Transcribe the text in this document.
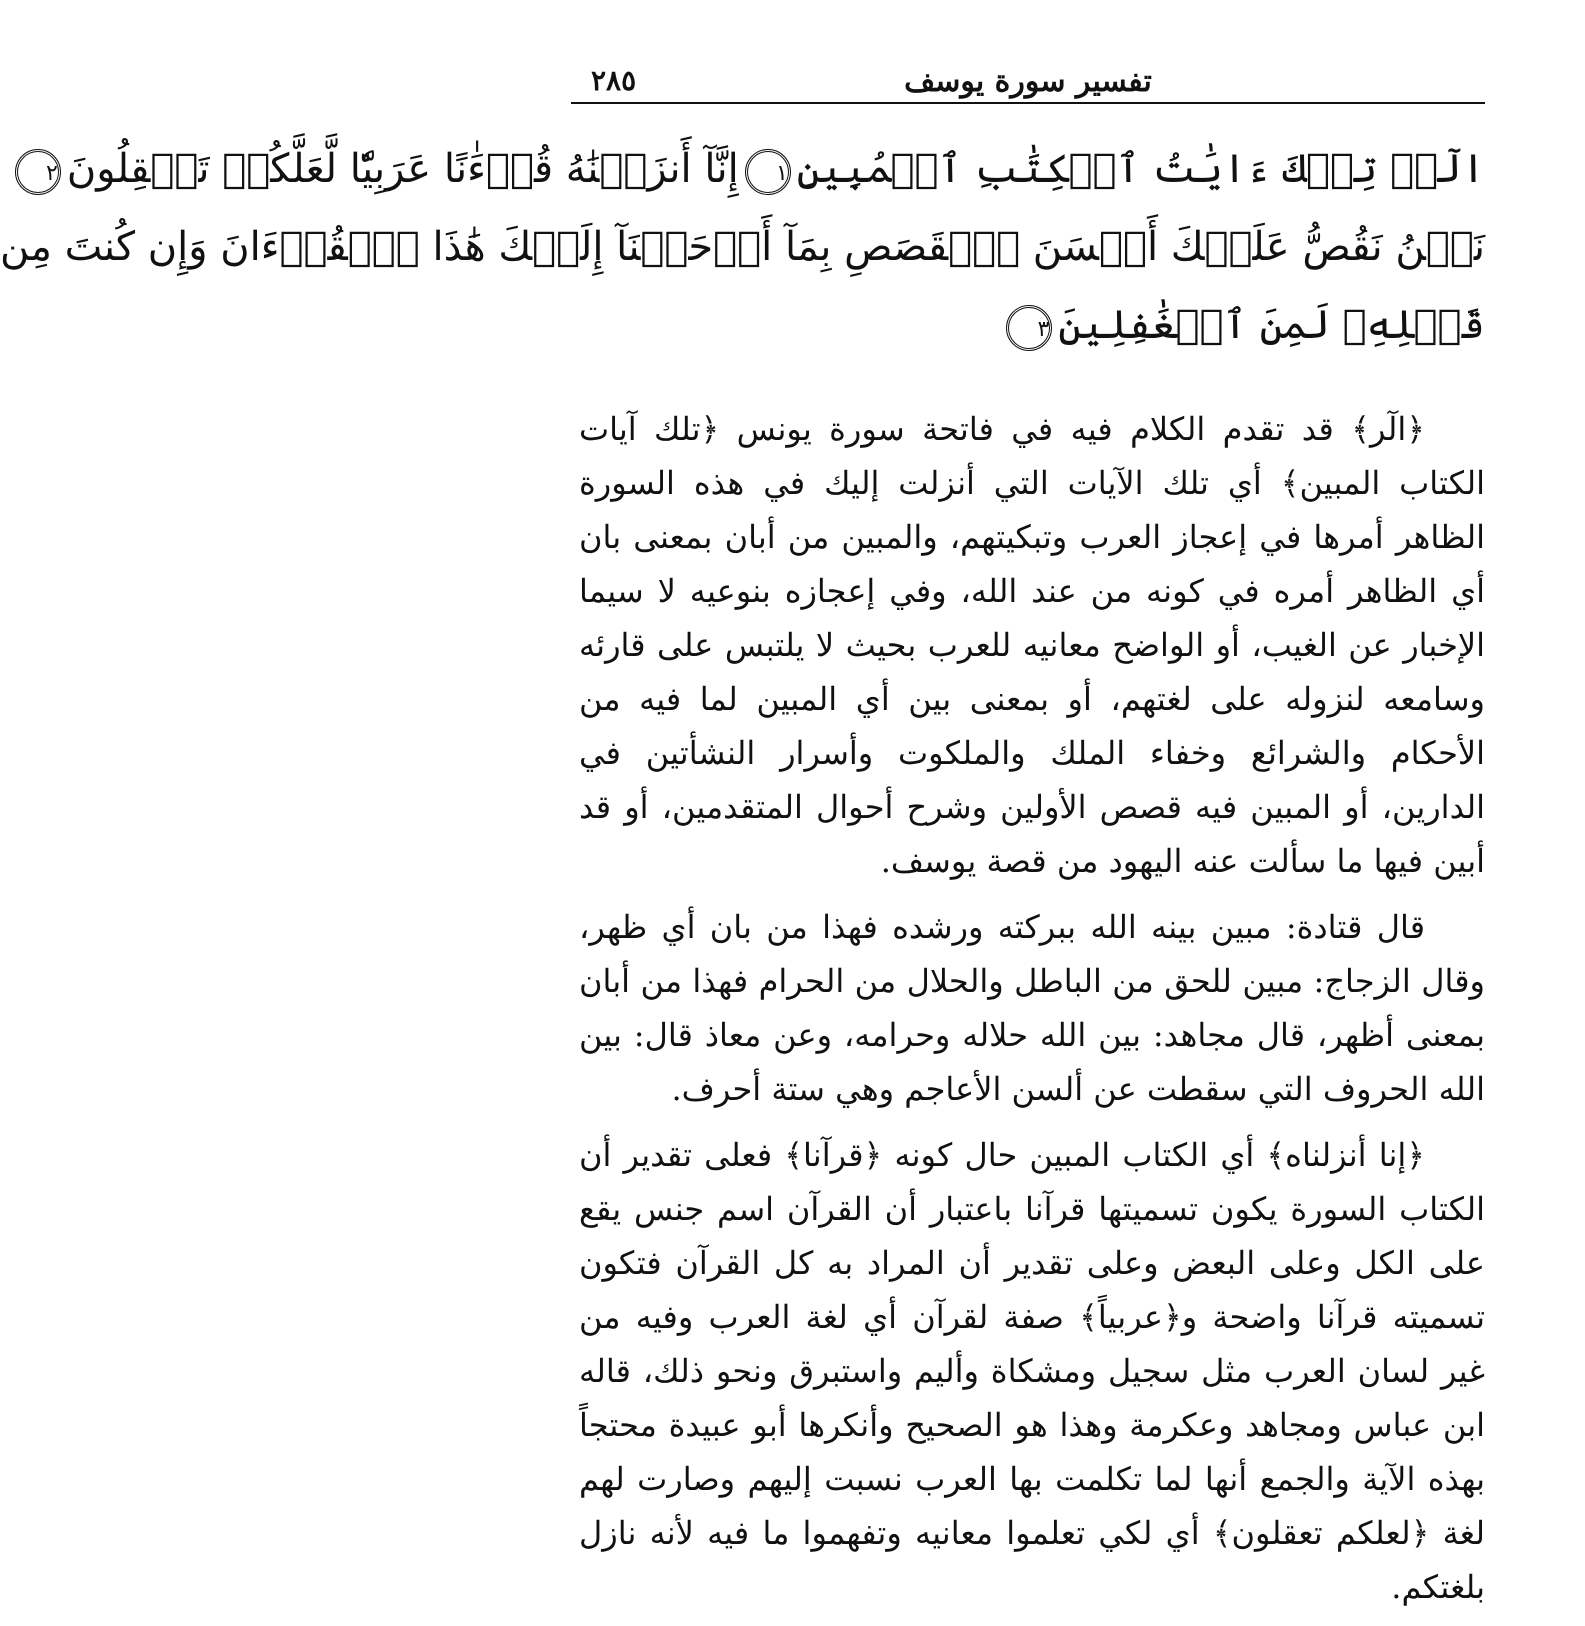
٢٨٥	تفسير سورة يوسف
الٓرۚ تِلۡكَ ءَايَٰتُ ٱلۡكِتَٰبِ ٱلۡمُبِينِ١إِنَّآ أَنزَلۡنَٰهُ قُرۡءَٰنًا عَرَبِيّٗا لَّعَلَّكُمۡ تَعۡقِلُونَ٢
نَحۡنُ نَقُصُّ عَلَيۡكَ أَحۡسَنَ ٱلۡقَصَصِ بِمَآ أَوۡحَيۡنَآ إِلَيۡكَ هَٰذَا ٱلۡقُرۡءَانَ وَإِن كُنتَ مِن
قَبۡلِهِۦ لَمِنَ ٱلۡغَٰفِلِينَ٣

﴿الٓر﴾ قد تقدم الكلام فيه في فاتحة سورة يونس ﴿تلك آيات الكتاب المبين﴾ أي تلك الآيات التي أنزلت إليك في هذه السورة الظاهر أمرها في إعجاز العرب وتبكيتهم، والمبين من أبان بمعنى بان أي الظاهر أمره في كونه من عند الله، وفي إعجازه بنوعيه لا سيما الإخبار عن الغيب، أو الواضح معانيه للعرب بحيث لا يلتبس على قارئه وسامعه لنزوله على لغتهم، أو بمعنى بين أي المبين لما فيه من الأحكام والشرائع وخفاء الملك والملكوت وأسرار النشأتين في الدارين، أو المبين فيه قصص الأولين وشرح أحوال المتقدمين، أو قد أبين فيها ما سألت عنه اليهود من قصة يوسف.

قال قتادة: مبين بينه الله ببركته ورشده فهذا من بان أي ظهر، وقال الزجاج: مبين للحق من الباطل والحلال من الحرام فهذا من أبان بمعنى أظهر، قال مجاهد: بين الله حلاله وحرامه، وعن معاذ قال: بين الله الحروف التي سقطت عن ألسن الأعاجم وهي ستة أحرف.

﴿إنا أنزلناه﴾ أي الكتاب المبين حال كونه ﴿قرآنا﴾ فعلى تقدير أن الكتاب السورة يكون تسميتها قرآنا باعتبار أن القرآن اسم جنس يقع على الكل وعلى البعض وعلى تقدير أن المراد به كل القرآن فتكون تسميته قرآنا واضحة و﴿عربياً﴾ صفة لقرآن أي لغة العرب وفيه من غير لسان العرب مثل سجيل ومشكاة وأليم واستبرق ونحو ذلك، قاله ابن عباس ومجاهد وعكرمة وهذا هو الصحيح وأنكرها أبو عبيدة محتجاً بهذه الآية والجمع أنها لما تكلمت بها العرب نسبت إليهم وصارت لهم لغة ﴿لعلكم تعقلون﴾ أي لكي تعلموا معانيه وتفهموا ما فيه لأنه نازل بلغتكم.
